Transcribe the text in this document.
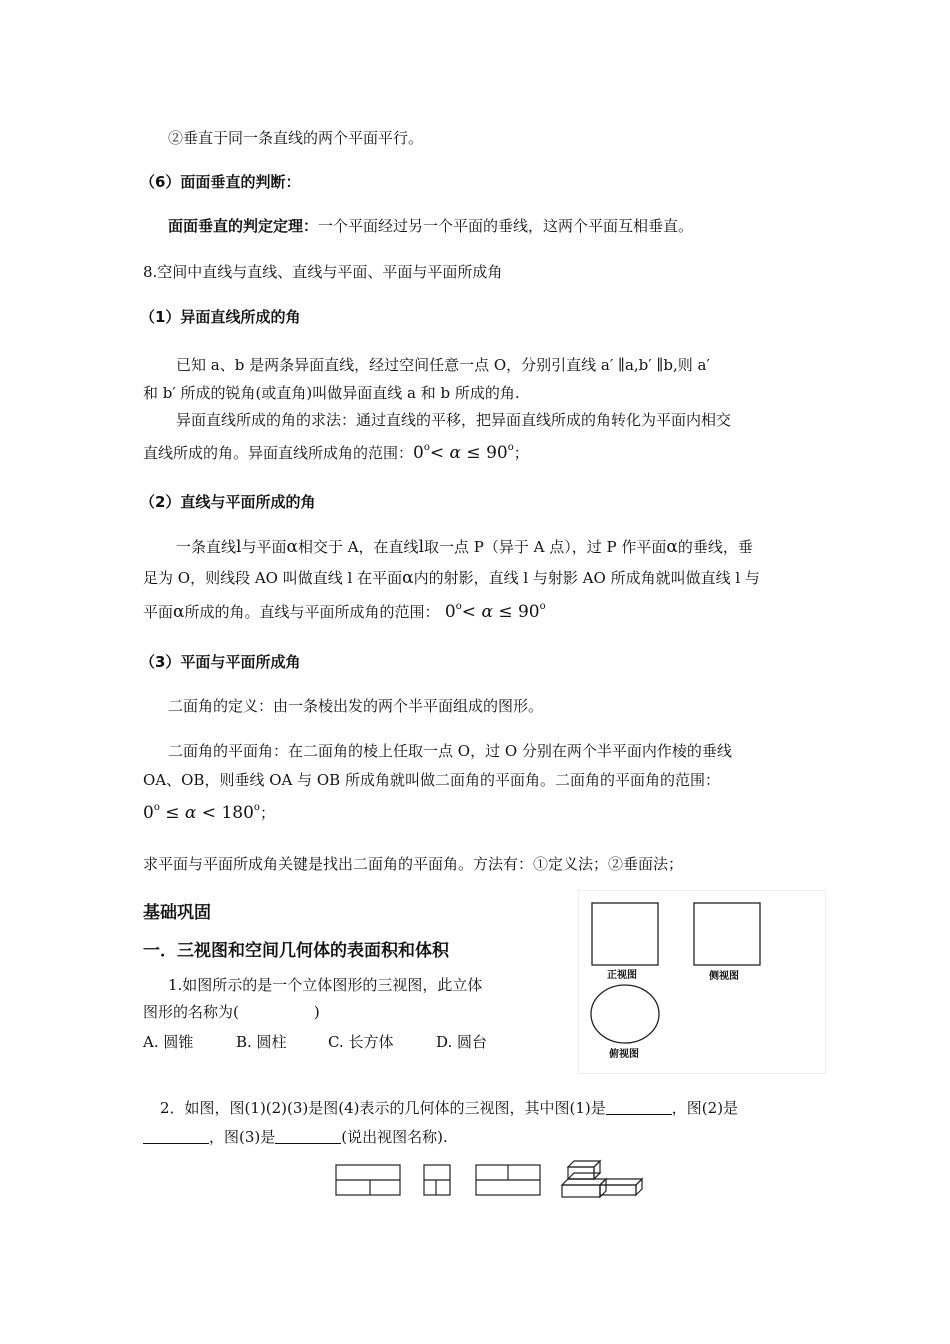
②垂直于同一条直线的两个平面平行。
（6）面面垂直的判断：
面面垂直的判定定理：一个平面经过另一个平面的垂线，这两个平面互相垂直。
8.空间中直线与直线、直线与平面、平面与平面所成角
（1）异面直线所成的角
已知 a、b 是两条异面直线，经过空间任意一点 O，分别引直线 a′ ∥a,b′ ∥b,则 a′
和 b′ 所成的锐角(或直角)叫做异面直线 a 和 b 所成的角.
异面直线所成的角的求法：通过直线的平移，把异面直线所成的角转化为平面内相交
直线所成的角。异面直线所成角的范围：$0^o< \alpha \le 90^o$；
（2）直线与平面所成的角
一条直线l与平面α相交于 A，在直线l取一点 P（异于 A 点），过 P 作平面α的垂线，垂
足为 O，则线段 AO 叫做直线 l 在平面α内的射影，直线 l 与射影 AO 所成角就叫做直线 l 与
平面α所成的角。直线与平面所成角的范围： $0^o< \alpha \le 90^o$
（3）平面与平面所成角
二面角的定义：由一条棱出发的两个半平面组成的图形。
二面角的平面角：在二面角的棱上任取一点 O，过 O 分别在两个半平面内作棱的垂线
OA、OB，则垂线 OA 与 OB 所成角就叫做二面角的平面角。二面角的平面角的范围：
$0^o \le \alpha < 180^o$；
求平面与平面所成角关键是找出二面角的平面角。方法有：①定义法；②垂面法；
基础巩固
一．三视图和空间几何体的表面积和体积
1.如图所示的是一个立体图形的三视图，此立体
图形的名称为(　　　　　)
A. 圆锥	B. 圆柱	C. 长方体	D. 圆台
正视图	侧视图
俯视图
2．如图，图(1)(2)(3)是图(4)表示的几何体的三视图，其中图(1)是	，图(2)是
，图(3)是	(说出视图名称).
